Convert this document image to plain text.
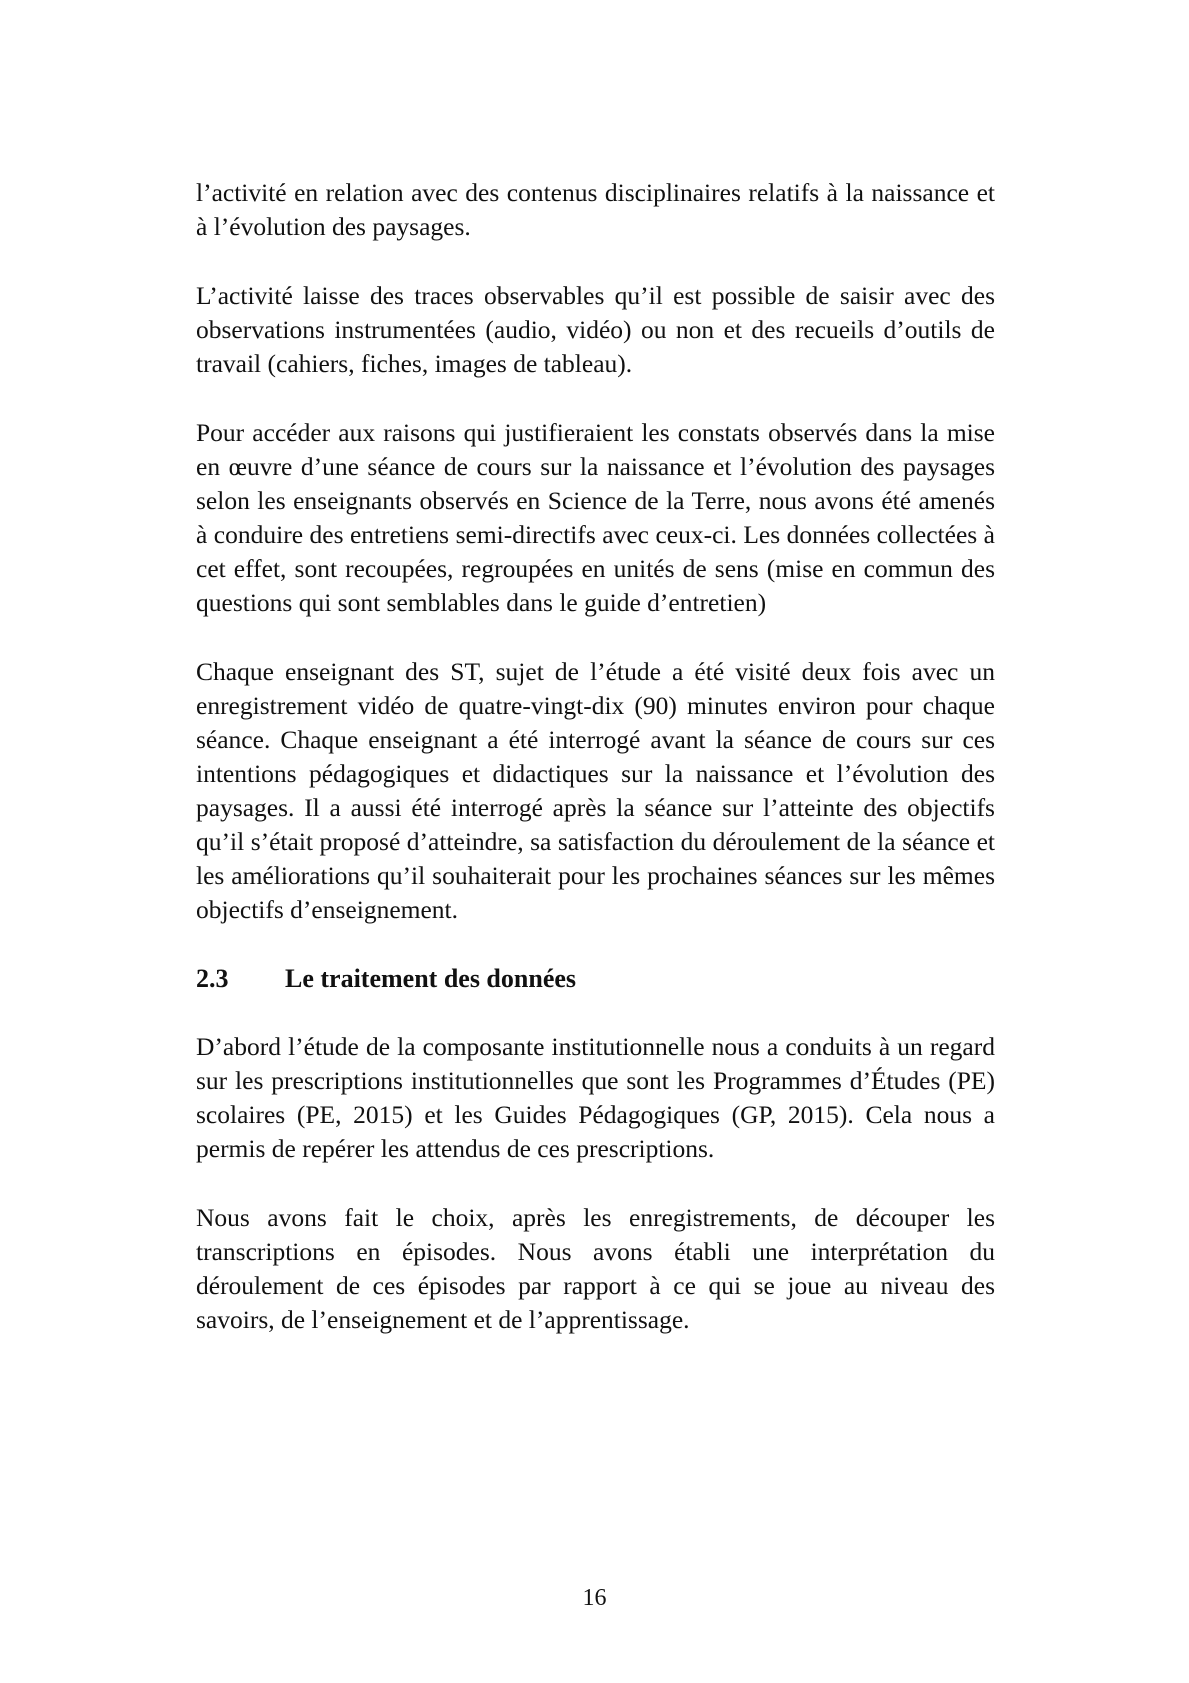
l’activité en relation avec des contenus disciplinaires relatifs à la naissance et à l’évolution des paysages.

L’activité laisse des traces observables qu’il est possible de saisir avec des observations instrumentées (audio, vidéo) ou non et des recueils d’outils de travail (cahiers, fiches, images de tableau).

Pour accéder aux raisons qui justifieraient les constats observés dans la mise en œuvre d’une séance de cours sur la naissance et l’évolution des paysages selon les enseignants observés en Science de la Terre, nous avons été amenés à conduire des entretiens semi-directifs avec ceux-ci. Les données collectées à cet effet, sont recoupées, regroupées en unités de sens (mise en commun des questions qui sont semblables dans le guide d’entretien)

Chaque enseignant des ST, sujet de l’étude a été visité deux fois avec un enregistrement vidéo de quatre-vingt-dix (90) minutes environ pour chaque séance. Chaque enseignant a été interrogé avant la séance de cours sur ces intentions pédagogiques et didactiques sur la naissance et l’évolution des paysages. Il a aussi été interrogé après la séance sur l’atteinte des objectifs qu’il s’était proposé d’atteindre, sa satisfaction du déroulement de la séance et les améliorations qu’il souhaiterait pour les prochaines séances sur les mêmes objectifs d’enseignement.

2.3	Le traitement des données

D’abord l’étude de la composante institutionnelle nous a conduits à un regard sur les prescriptions institutionnelles que sont les Programmes d’Études (PE) scolaires (PE, 2015) et les Guides Pédagogiques (GP, 2015). Cela nous a permis de repérer les attendus de ces prescriptions.

Nous avons fait le choix, après les enregistrements, de découper les transcriptions en épisodes. Nous avons établi une interprétation du déroulement de ces épisodes par rapport à ce qui se joue au niveau des savoirs, de l’enseignement et de l’apprentissage.

16
